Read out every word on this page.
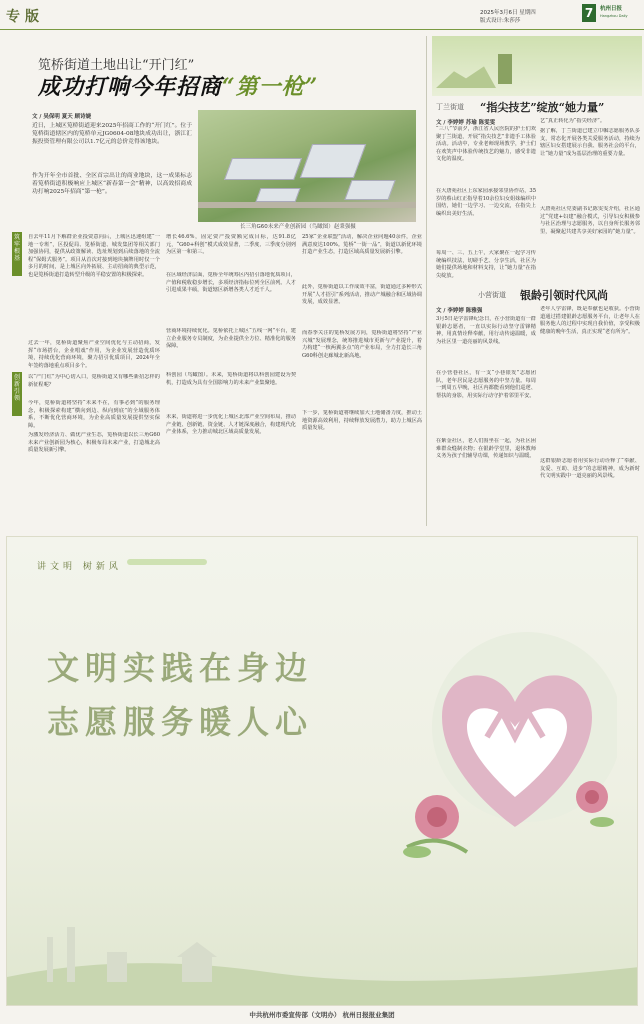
专版	2025年3月6日 星期四
版式设计:朱莎莎
7	杭州日报
Hangzhou Daily
笕桥街道土地出让“开门红”
成功打响今年招商“第一枪”
文 / 吴保明 夏天 顾诗婕
近日，上城区笕桥街道迎来2025年招商工作的“开门红”。位于笕桥街道辖区内的笕桥单元JG0604-08地块成功出让，浙江汇振投资管理有限公司以1.7亿元的总价竞得该地块。
作为开年全市首批、全区首宗出让的商业地块，这一成果标志着笕桥街道积极响应上城区“新春第一会”精神，以高效招商成功打响2025年招商“第一枪”。
长三角G60未来产业创新园（鸟瞰图）赵秉强摄
筑牢根基
创新引领
自去年11月下解群企业投资意向后，上城区迅速组建“一地一专班”，区投促局、笕桥街道、城发集团等相关部门加强协同，提供从政策解读、选址规划到后续落地的全流程“保姆式服务”。项目从首次对接到地块摘牌用时仅一个多月的时间，是上城区向外拓展、主动招商的典型示范，也是笕桥街道打造转型升级的平稳安置的积极探索。
过去一年，笕桥街道聚焦产业空间优化与主动招商，发挥“市场搭台，企业唱戏”作用，为企业发展营造优质环境，持续优化营商环境，聚力招引优质项目，2024年全年签约落地重点项目多个。
以“产门红”为中心切入口，笕桥街道又有哪些新招怎样的新征程呢？
今年，笕桥街道将坚持“未来不在，有事必到”的服务理念，积极探索构建“横向到边、纵向到底”的全域服务体系，不断优化营商环境，为企业高质量发展提供坚实保障。
为激发经济活力、做优产业生态，笕桥街道以长三角G60未来产业创新园为核心，积极布局未来产业，打造城北高质量发展新引擎。
增长46.6%，固定资产投资额完成目标，达91.8亿元，“G60+科创”模式成效显著，二季度、三季度分别列为区第一和第三。
在区域经济层面，笕桥全年统筹区内招引落地优质项目，产值和税收稳步增长，多项经济指标位列全区前列。人才引进成果丰硕，街道辖区新增各类人才近千人。
营商环境持续优化。笕桥依托上城区“五线一网”平台，建立企业服务专员制度，为企业提供全方位、精准化的服务保障。
科创园（鸟瞰图）。未来，笕桥街道将以科创园建设为契机，打造成为具有全国影响力的未来产业集聚地。
未来，街道将进一步优化上城区北部产业空间布局，推动产业链、创新链、资金链、人才链深度融合，构建现代化产业体系，全力推动城北区域高质量发展。
25家“企业联盟”活动，解决企业问题40余件，企业满意度达100%。笕桥“一街一品”，街道以新优环境打造产业生态，打造区域高质量发展新引擎。
此外，笕桥街道以工作成效丰富，街道通过多种形式开展“人才招引”系列活动，推动产城融合和区域协调发展，成效显著。
而春季关注的笕桥发展方向，笕桥街道将坚持“产业兴城”发展理念，统筹推进城市更新与产业提升，着力构建“一核两翼多点”的产业布局，全力打造长三角G60科创走廊城北新高地。
下一步，笕桥街道将继续加大土地储备力度，推动土地资源高效利用，持续释放发展潜力，助力上城区高质量发展。
丁兰街道 “指尖技艺”绽放“她力量”
文 / 李婷婷 苏瑜 陈雯雯
“三八”节前夕，浙江省人民医院的护士们欢聚丁兰街道，开展“指尖技艺”非遗手工体验活动。活动中，专业老师现场教学，护士们在欢笑声中体验传统技艺的魅力，感受非遗文化的温度。
在大唐苑社区上东家园承接邻里协作站，35岁的蔡山红正指导着10余位妇女姐妹编织中国结，她们一边学习、一边交流，在指尖上编织出美好生活。
每周一、三、五上午，大家聚在一起学习传统编织技法，切磋手艺、分享生活，社区为她们提供场地和材料支持，让“她力量”在指尖绽放。
艺“真正转化为“指尖经济”。
据了解，丁兰街道已建立巾帼志愿服务队多支，常态化开展各类关爱服务活动，持续为辖区妇女搭建展示自我、服务社会的平台，让“她力量”成为基层治理的重要力量。
大唐苑社区党委副书记陈雯雯介绍，社区通过“党建+妇建”融合模式，引导妇女积极参与社区治理与志愿服务，以自身所长服务邻里，凝聚起共建共享美好家园的“她力量”。
小营街道 银龄引领时代风尚
文 / 李婷婷 陈雅强
3月5日是学雷锋纪念日，在小营街道有一群银龄志愿者，一直以实际行动坚守雷锋精神，用真情诠释奉献，用行动传递温暖，成为社区里一道亮丽的风景线。
在小营巷社区，有一支“小巷银发”志愿团队，老年居民是志愿服务的中坚力量。每周一到周五早晚，社区内都能看到他们巡逻、帮扶的身影，用实际行动守护着邻里平安。
在紫金社区，老人们围坐在一起，为社区困难群众缝制衣物；在银龄学堂里，退休教师义务为孩子们辅导功课，传递知识与温暖。
老年人学雷锋，既是奉献也是收获。小营街道通过搭建银龄志愿服务平台，让老年人在服务他人的过程中实现自我价值，享受积极健康的晚年生活，真正实现“老有所为”。
这群银龄志愿者用实际行动诠释了“奉献、友爱、互助、进步”的志愿精神，成为新时代文明实践中一道亮丽的风景线。
讲文明 树新风
文明实践在身边
志愿服务暖人心
中共杭州市委宣传部（文明办） 杭州日报报业集团
